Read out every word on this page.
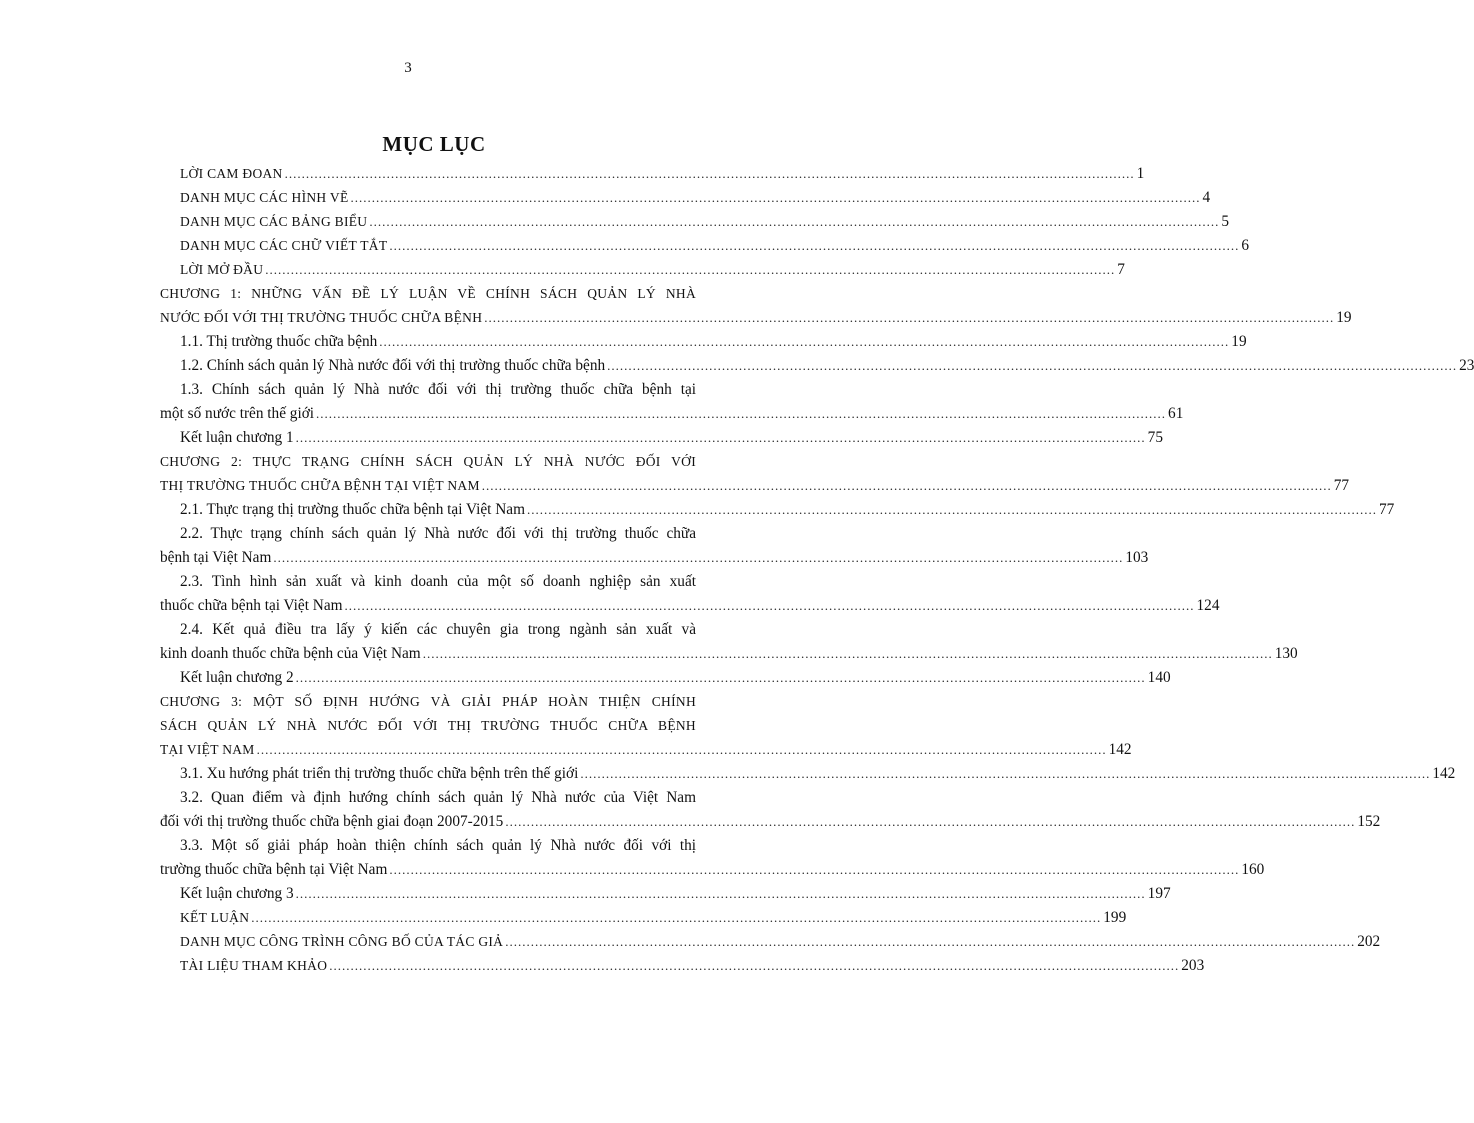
3
MỤC LỤC
LỜI CAM ĐOAN ........................................................................................................................................................................................................ 1
DANH MỤC CÁC HÌNH VẼ ........................................................................................................................................................................................................ 4
DANH MỤC CÁC BẢNG BIỂU ........................................................................................................................................................................................................ 5
DANH MỤC CÁC CHỮ VIẾT TẮT ........................................................................................................................................................................................................ 6
LỜI MỞ ĐẦU ........................................................................................................................................................................................................ 7
CHƯƠNG 1: NHỮNG VẤN ĐỀ LÝ LUẬN VỀ CHÍNH SÁCH QUẢN LÝ NHÀ
NƯỚC ĐỐI VỚI THỊ TRƯỜNG THUỐC CHỮA BỆNH ........................................................................................................................................................................................................ 19
1.1. Thị trường thuốc chữa bệnh ........................................................................................................................................................................................................ 19
1.2. Chính sách quản lý Nhà nước đối với thị trường thuốc chữa bệnh ........................................................................................................................................................................................................ 23
1.3. Chính sách quản lý Nhà nước đối với thị trường thuốc chữa bệnh tại
một số nước trên thế giới ........................................................................................................................................................................................................ 61
Kết luận chương 1 ........................................................................................................................................................................................................ 75
CHƯƠNG 2: THỰC TRẠNG CHÍNH SÁCH QUẢN LÝ NHÀ NƯỚC ĐỐI VỚI
THỊ TRƯỜNG THUỐC CHỮA BỆNH TẠI VIỆT NAM ........................................................................................................................................................................................................ 77
2.1. Thực trạng thị trường thuốc chữa bệnh tại Việt Nam ........................................................................................................................................................................................................ 77
2.2. Thực trạng chính sách quản lý Nhà nước đối với thị trường thuốc chữa
bệnh tại Việt Nam ........................................................................................................................................................................................................ 103
2.3. Tình hình sản xuất và kinh doanh của một số doanh nghiệp sản xuất
thuốc chữa bệnh tại Việt Nam ........................................................................................................................................................................................................ 124
2.4. Kết quả điều tra lấy ý kiến các chuyên gia trong ngành sản xuất và
kinh doanh thuốc chữa bệnh của Việt Nam ........................................................................................................................................................................................................ 130
Kết luận chương 2 ........................................................................................................................................................................................................ 140
CHƯƠNG 3: MỘT SỐ ĐỊNH HƯỚNG VÀ GIẢI PHÁP HOÀN THIỆN CHÍNH
SÁCH QUẢN LÝ NHÀ NƯỚC ĐỐI VỚI THỊ TRƯỜNG THUỐC CHỮA BỆNH
TẠI VIỆT NAM ........................................................................................................................................................................................................ 142
3.1. Xu hướng phát triển thị trường thuốc chữa bệnh trên thế giới ........................................................................................................................................................................................................ 142
3.2. Quan điểm và định hướng chính sách quản lý Nhà nước của Việt Nam
đối với thị trường thuốc chữa bệnh giai đoạn 2007-2015 ........................................................................................................................................................................................................ 152
3.3. Một số giải pháp hoàn thiện chính sách quản lý Nhà nước đối với thị
trường thuốc chữa bệnh tại Việt Nam ........................................................................................................................................................................................................ 160
Kết luận chương 3 ........................................................................................................................................................................................................ 197
KẾT LUẬN ........................................................................................................................................................................................................ 199
DANH MỤC CÔNG TRÌNH CÔNG BỐ CỦA TÁC GIẢ ........................................................................................................................................................................................................ 202
TÀI LIỆU THAM KHẢO ........................................................................................................................................................................................................ 203
